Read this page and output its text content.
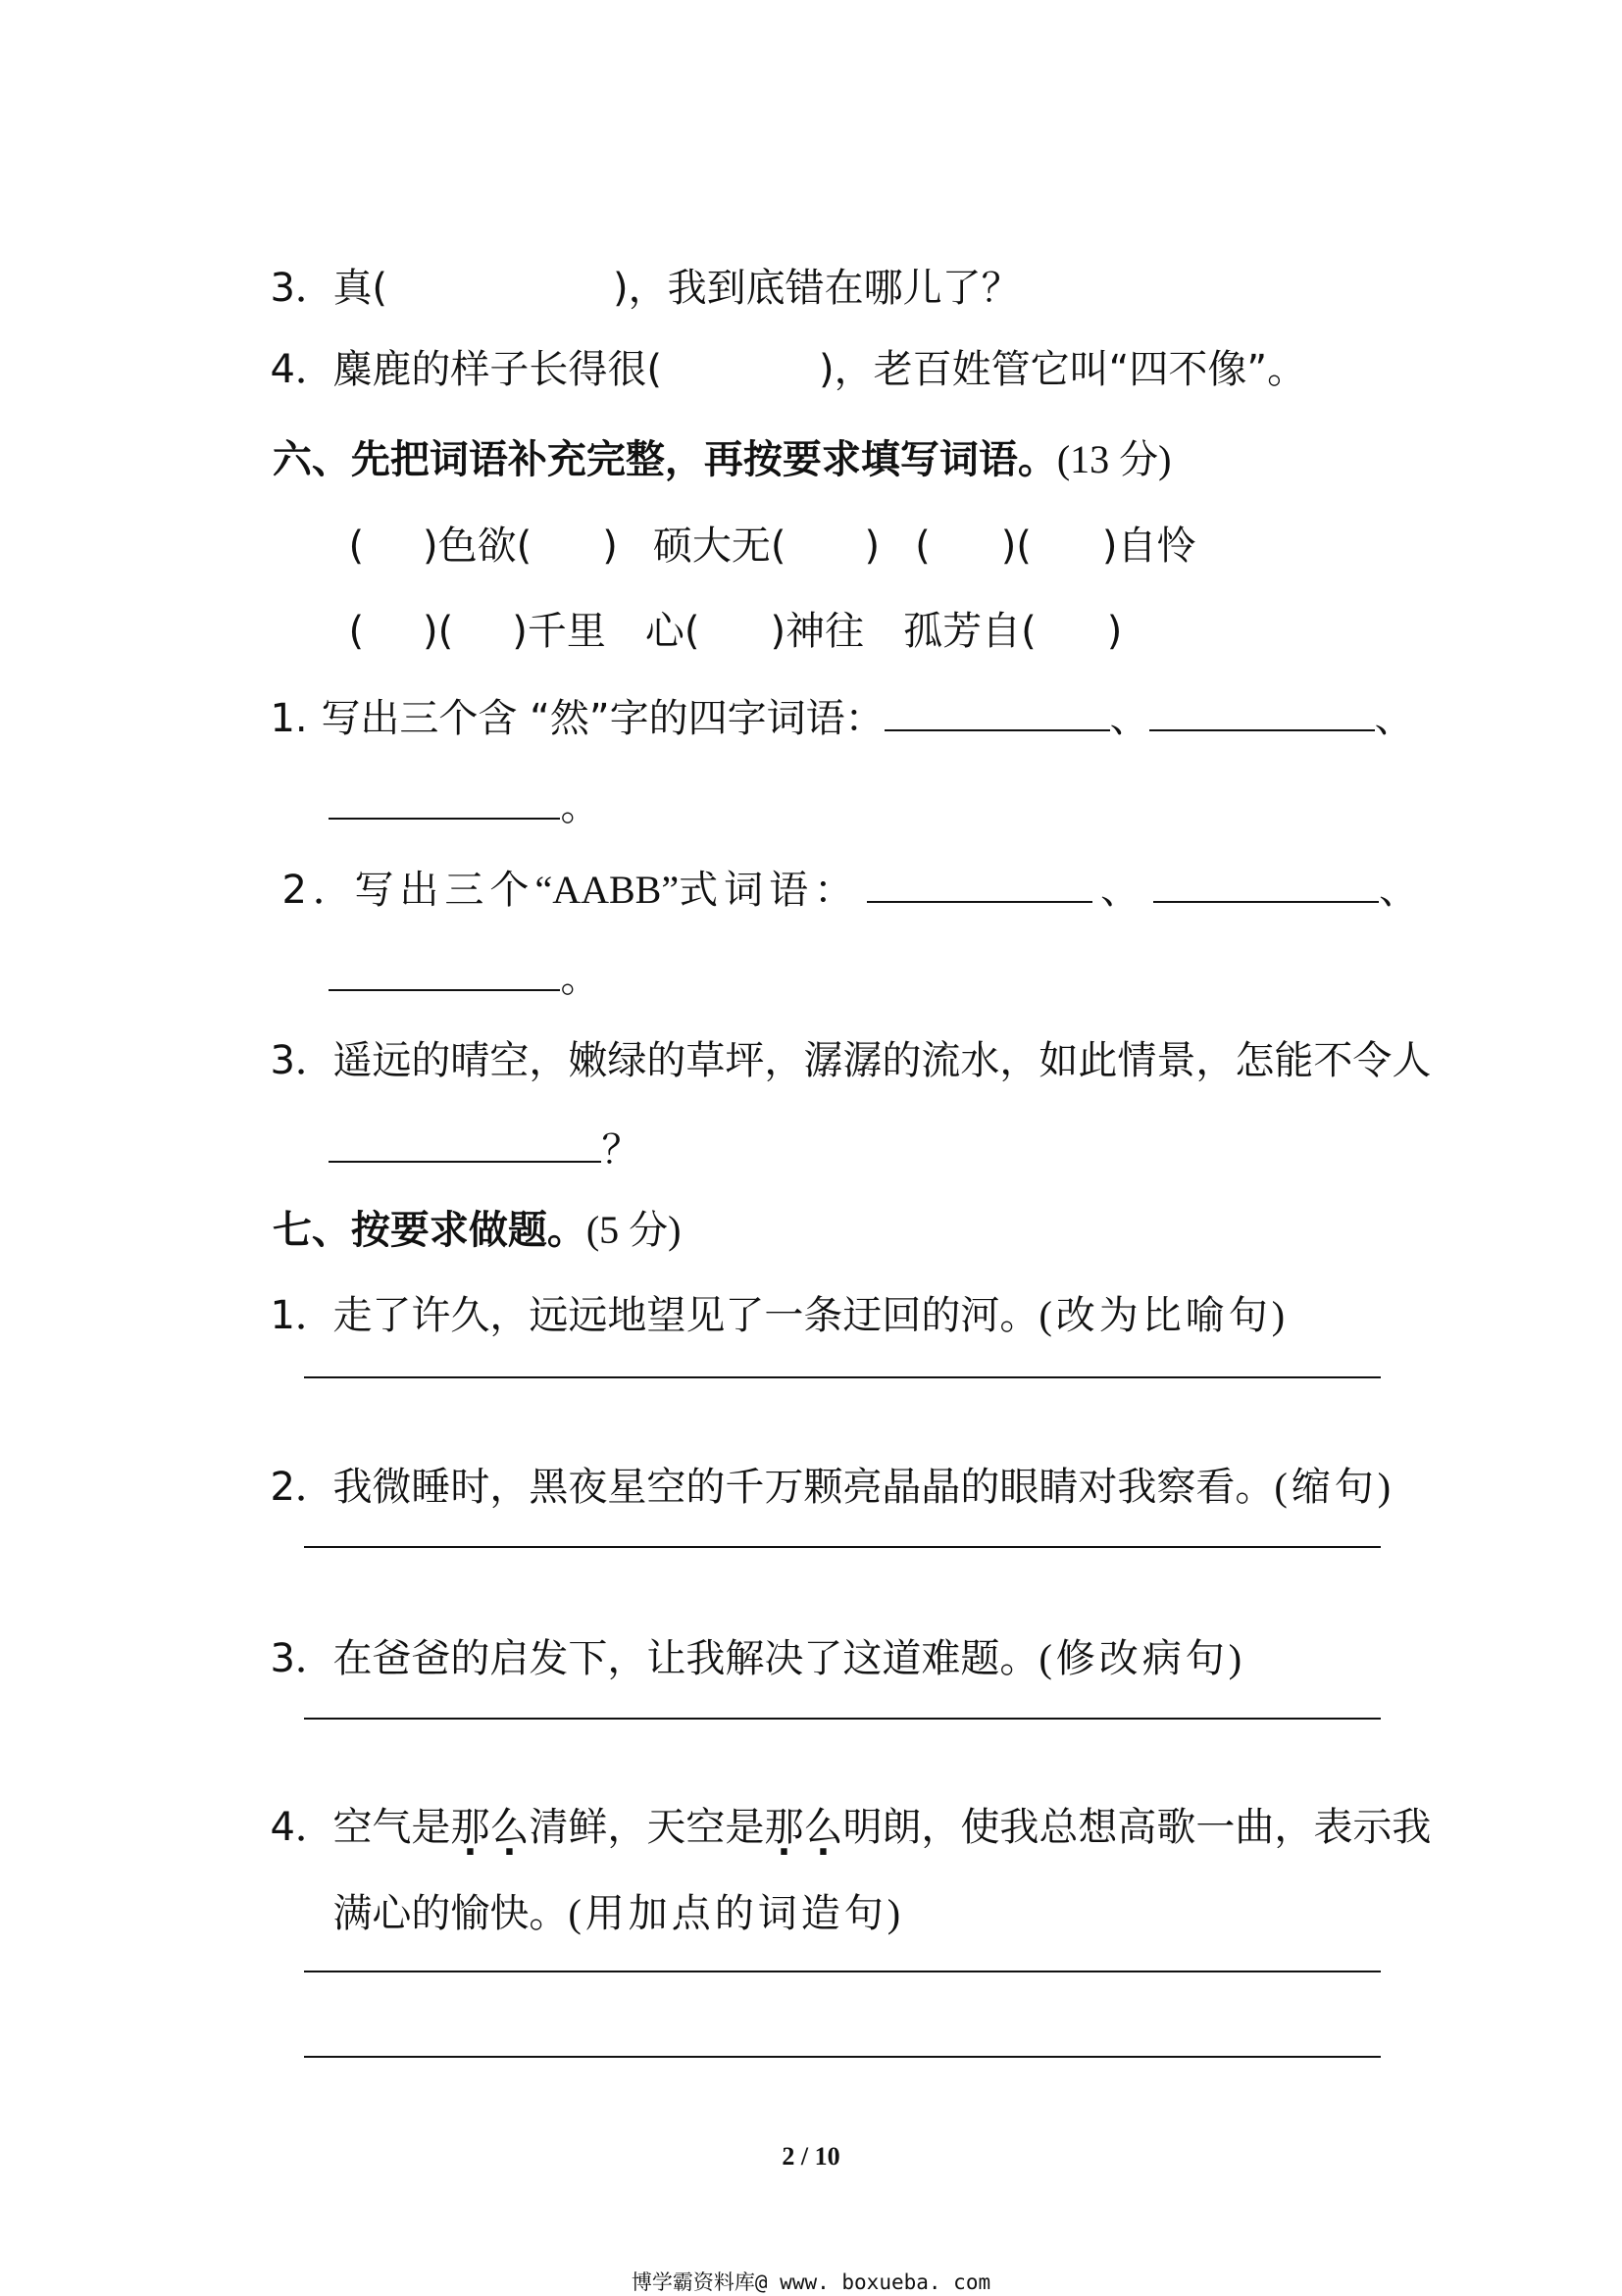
3．真(	)，我到底错在哪儿了？

4．麋鹿的样子长得很(	)，老百姓管它叫“四不像”。

六、先把词语补充完整，再按要求填写词语。(13 分)

( )色欲( ) 硕大无( ) ( )( )自怜

( )( )千里 心( )神往 孤芳自( )

1. 写出三个含 “然”字的四字词语：	、	、

。

2．写出三个“AABB”式词语：	、	、

。

3．遥远的晴空，嫩绿的草坪，潺潺的流水，如此情景，怎能不令人

？

七、按要求做题。(5 分)

1．走了许久，远远地望见了一条迂回的河。(改为比喻句)

2．我微睡时，黑夜星空的千万颗亮晶晶的眼睛对我察看。(缩句)

3．在爸爸的启发下，让我解决了这道难题。(修改病句)

4．空气是那么清鲜，天空是那么明朗，使我总想高歌一曲，表示我

满心的愉快。(用加点的词造句)

2 / 10
博学霸资料库@ www. boxueba. com
